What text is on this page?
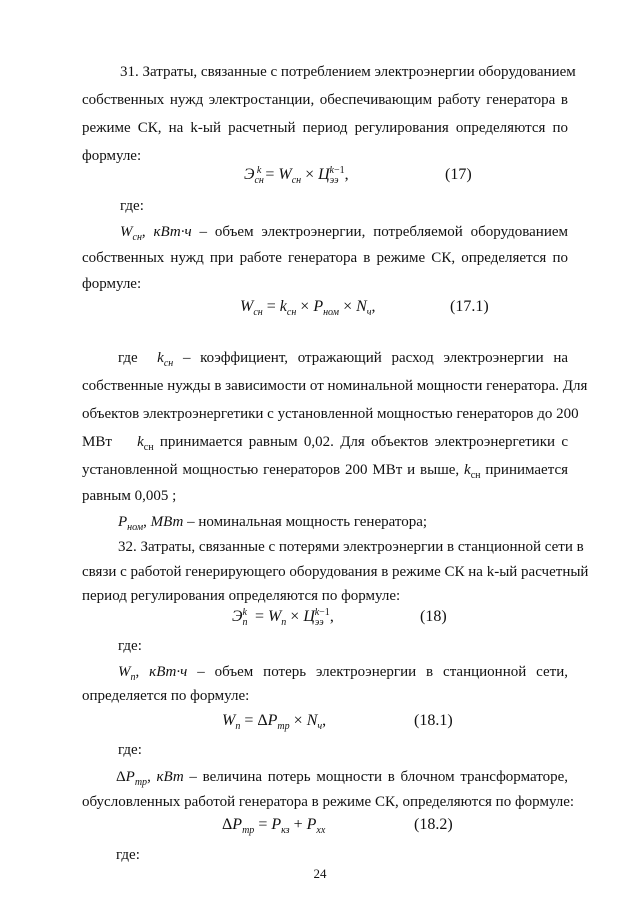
31. Затраты, связанные с потреблением электроэнергии оборудованием
собственных нужд электростанции, обеспечивающим работу генератора в
режиме СК, на k-ый расчетный период регулирования определяются по
формуле:
$Э_{сн}^k = W_{сн} \times Ц_{ээ}^{k-1}$,	(17)
где:
$W_{сн}$, кВт·ч – объем электроэнергии, потребляемой оборудованием
собственных нужд при работе генератора в режиме СК, определяется по
формуле:
$W_{сн} = k_{сн} \times P_{ном} \times N_ч$,	(17.1)
где  $k_{сн}$ – коэффициент, отражающий расход электроэнергии на
собственные нужды в зависимости от номинальной мощности генератора. Для
объектов электроэнергетики с установленной мощностью генераторов до 200
МВт $k_{сн}$ принимается равным 0,02. Для объектов электроэнергетики с
установленной мощностью генераторов 200 МВт и выше, $k_{сн}$ принимается
равным 0,005 ;
$P_{ном}$, МВт – номинальная мощность генератора;
32. Затраты, связанные с потерями электроэнергии в станционной сети в
связи с работой генерирующего оборудования в режиме СК на k-ый расчетный
период регулирования определяются по формуле:
$Э_п^k = W_п \times Ц_{ээ}^{k-1}$,	(18)
где:
$W_п$, кВт·ч – объем потерь электроэнергии в станционной сети,
определяется по формуле:
$W_п = \Delta P_{тр} \times N_ч$,	(18.1)
где:
$\Delta P_{тр}$, кВт – величина потерь мощности в блочном трансформаторе,
обусловленных работой генератора в режиме СК, определяются по формуле:
$\Delta P_{тр} = P_{кз} + P_{хх}$	(18.2)
где:
24
